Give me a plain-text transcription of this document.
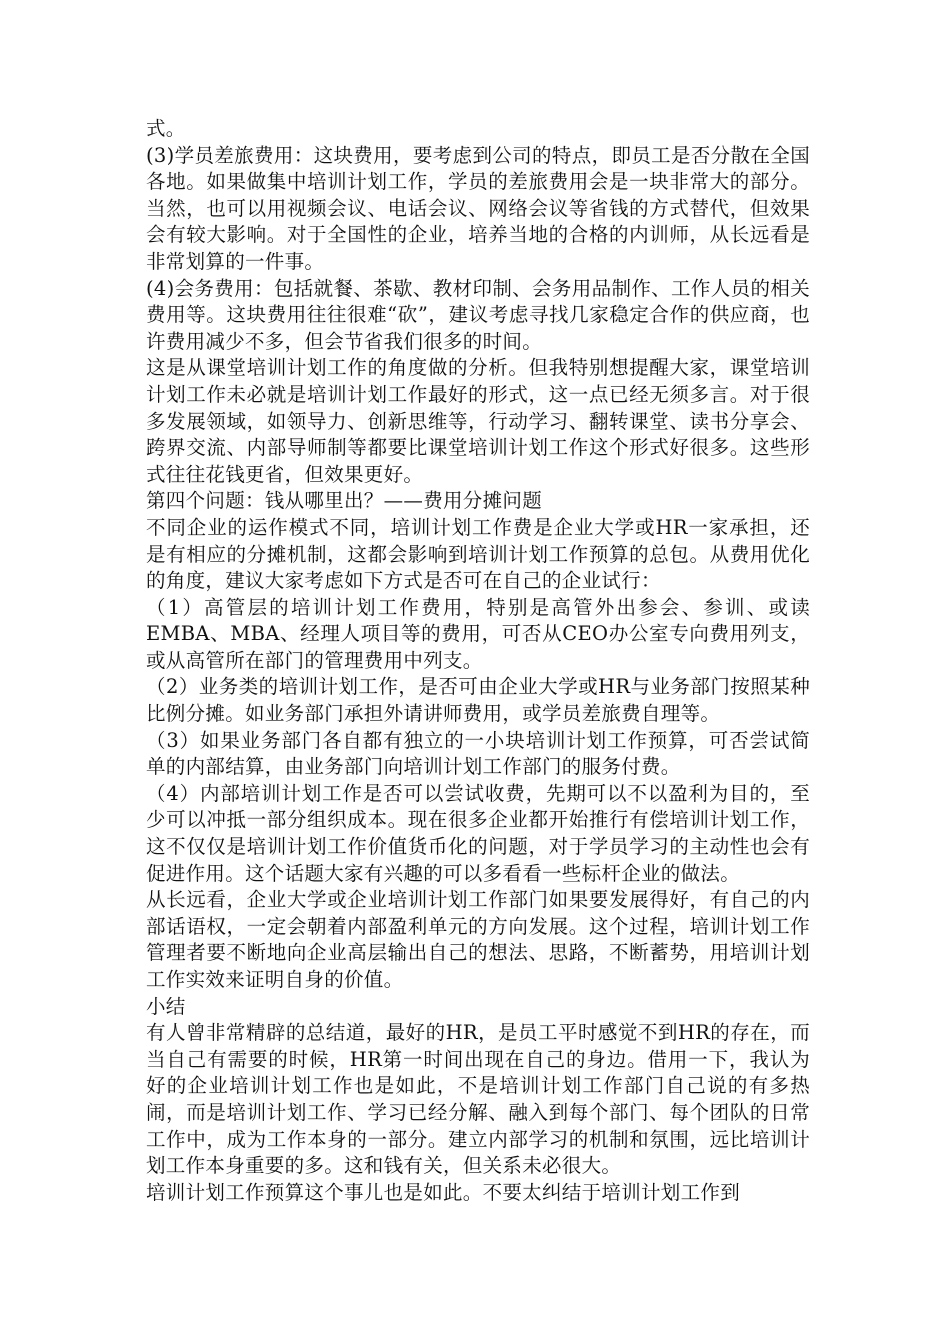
式。

(3)学员差旅费用：这块费用，要考虑到公司的特点，即员工是否分散在全国各地。如果做集中培训计划工作，学员的差旅费用会是一块非常大的部分。当然，也可以用视频会议、电话会议、网络会议等省钱的方式替代，但效果会有较大影响。对于全国性的企业，培养当地的合格的内训师，从长远看是非常划算的一件事。

(4)会务费用：包括就餐、茶歇、教材印制、会务用品制作、工作人员的相关费用等。这块费用往往很难“砍”，建议考虑寻找几家稳定合作的供应商，也许费用减少不多，但会节省我们很多的时间。

这是从课堂培训计划工作的角度做的分析。但我特别想提醒大家，课堂培训计划工作未必就是培训计划工作最好的形式，这一点已经无须多言。对于很多发展领域，如领导力、创新思维等，行动学习、翻转课堂、读书分享会、跨界交流、内部导师制等都要比课堂培训计划工作这个形式好很多。这些形式往往花钱更省，但效果更好。

第四个问题：钱从哪里出？——费用分摊问题

不同企业的运作模式不同，培训计划工作费是企业大学或HR一家承担，还是有相应的分摊机制，这都会影响到培训计划工作预算的总包。从费用优化的角度，建议大家考虑如下方式是否可在自己的企业试行：

（1）高管层的培训计划工作费用，特别是高管外出参会、参训、或读EMBA、MBA、经理人项目等的费用，可否从CEO办公室专向费用列支，或从高管所在部门的管理费用中列支。

（2）业务类的培训计划工作，是否可由企业大学或HR与业务部门按照某种比例分摊。如业务部门承担外请讲师费用，或学员差旅费自理等。

（3）如果业务部门各自都有独立的一小块培训计划工作预算，可否尝试简单的内部结算，由业务部门向培训计划工作部门的服务付费。

（4）内部培训计划工作是否可以尝试收费，先期可以不以盈利为目的，至少可以冲抵一部分组织成本。现在很多企业都开始推行有偿培训计划工作，这不仅仅是培训计划工作价值货币化的问题，对于学员学习的主动性也会有促进作用。这个话题大家有兴趣的可以多看看一些标杆企业的做法。

从长远看，企业大学或企业培训计划工作部门如果要发展得好，有自己的内部话语权，一定会朝着内部盈利单元的方向发展。这个过程，培训计划工作管理者要不断地向企业高层输出自己的想法、思路，不断蓄势，用培训计划工作实效来证明自身的价值。

小结

有人曾非常精辟的总结道，最好的HR，是员工平时感觉不到HR的存在，而当自己有需要的时候，HR第一时间出现在自己的身边。借用一下，我认为好的企业培训计划工作也是如此，不是培训计划工作部门自己说的有多热闹，而是培训计划工作、学习已经分解、融入到每个部门、每个团队的日常工作中，成为工作本身的一部分。建立内部学习的机制和氛围，远比培训计划工作本身重要的多。这和钱有关，但关系未必很大。

培训计划工作预算这个事儿也是如此。不要太纠结于培训计划工作到
